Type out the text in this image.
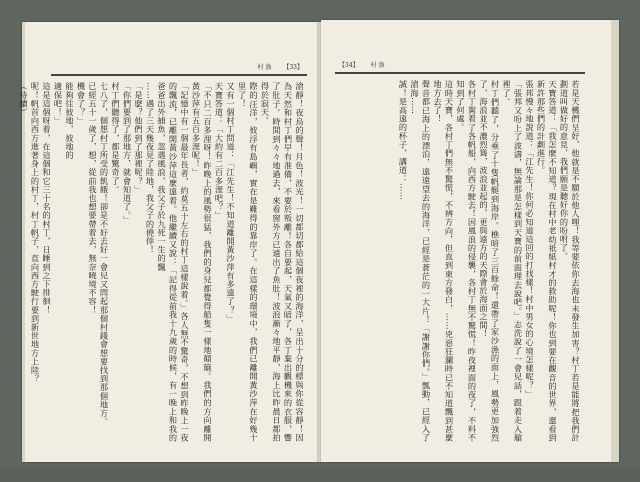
村 漁 【33】

滄靜！夜烏的聲！月色！波光！一切都切都給這個夜裡的海洋，呈出十分的標與你從容靜！因為天然和村丁們早有准備，不要於叛離！各自要起，天氣又暗了，各丁棄出觀機來的衣服，響了肚子。時間到々々地過去，來看窗外方已遠出了魚肚！波浪漸々地平靜，海上比昨晨日都拍得於寂天。

際的汪洋，彼浮有島嶼，實在是難得的靠岸了。在這樣的環境中，我們已離開黃沙萍在好幾十里了！

又有一個村丁問道：「江先生！不知道離開黃沙萍有多遠了？」

天寶答道：「大約有二百多浬吧？」

「不只二百多浬呀！昨晚上的風勢很猛，我們的身兒都覺得船隻一樣地顛簸。我們的方向離開黃沙萍有五百多浬呢！」

「記憶中有一個最年長者，約莫五十左右的村丁這樣說着。」各人無不驚奇，不想到昨晚上一夜的飄流，已離開黃沙萍這麼遠着。他繼續又說：「記得從前我十九歲的時候，有一晚上和我的爸爸出外捕魚，忽遇風浪，我父子於九死一生的飄

……遇了三天幾夜見了陸地，我父子的僥倖！

「是麽？他們到了那裡呢？」

「你們要到了那地方，就會知道了。」

村丁們聽得了，都是驚奇了。

七八了，個想村丁所受的飢餓！卻是不好去好一會兒又問起那個村錢會想要找到那個地方。

已經五十一歲了，想，從前我也想要帶着去，無奈曉境不容！

機會了？」

能夠往彼地，彼地的

適保吧！」

這是這個呀着，在這個和它三十名的村丁，日睡到之下徘徊！

呢！帆首向西方進著身上的村丁，村丁帆子，直向西方駛行要到新世地方上陸？

（待續）

【34】 村 漁

若是天機們呈好，他就是不願於他人哩！我等要依你去海也未發生加害？村丁若是能將把我們計劃道叫做好的意見，我們願是聽好你的吩咐了。

天寶答道：「我怎麼不知道？現在村中老幼祇紙村才的救助呢！你也到要在觀音的世界，還看到新許那些們的計劃進行。

張邦慢々地說道：「江先生！你何必知道這回的打找樣！村中男女的心境怎樣呢？」

「張邦又吩上了波濤，無論那是怎樣到天寶的前面理去說吧。」志洗說了一會兒話，跟着走入艙裡了。

村丁們聽了，分乘了十隻帆艇到海岸。樵暗了三百餘命！還帶了家沙漁的面上，風勢更加強烈了，海浪並不濃烈聳，波浪並起的，更與遠方的天際會於海面之間！

各村丁駕着了各帆船，向西方駛去！因風浪的侵襲，各村丁無不驚慌！昨夜裡面的夜了，不料不知到了何處。

這時天寶，各村丁們無不驚慌，不辨方向，但直到東方發白，……兇惡狂瀾時已不知道飄到甚麼地方去了！

聲音都已海上的漂泊，遠遠望去的海洋，已經是蒼茫的一大片！「謝謝你們。」瓢動，已經入了滄海……

誠！是高遠的杯子，講道：……
